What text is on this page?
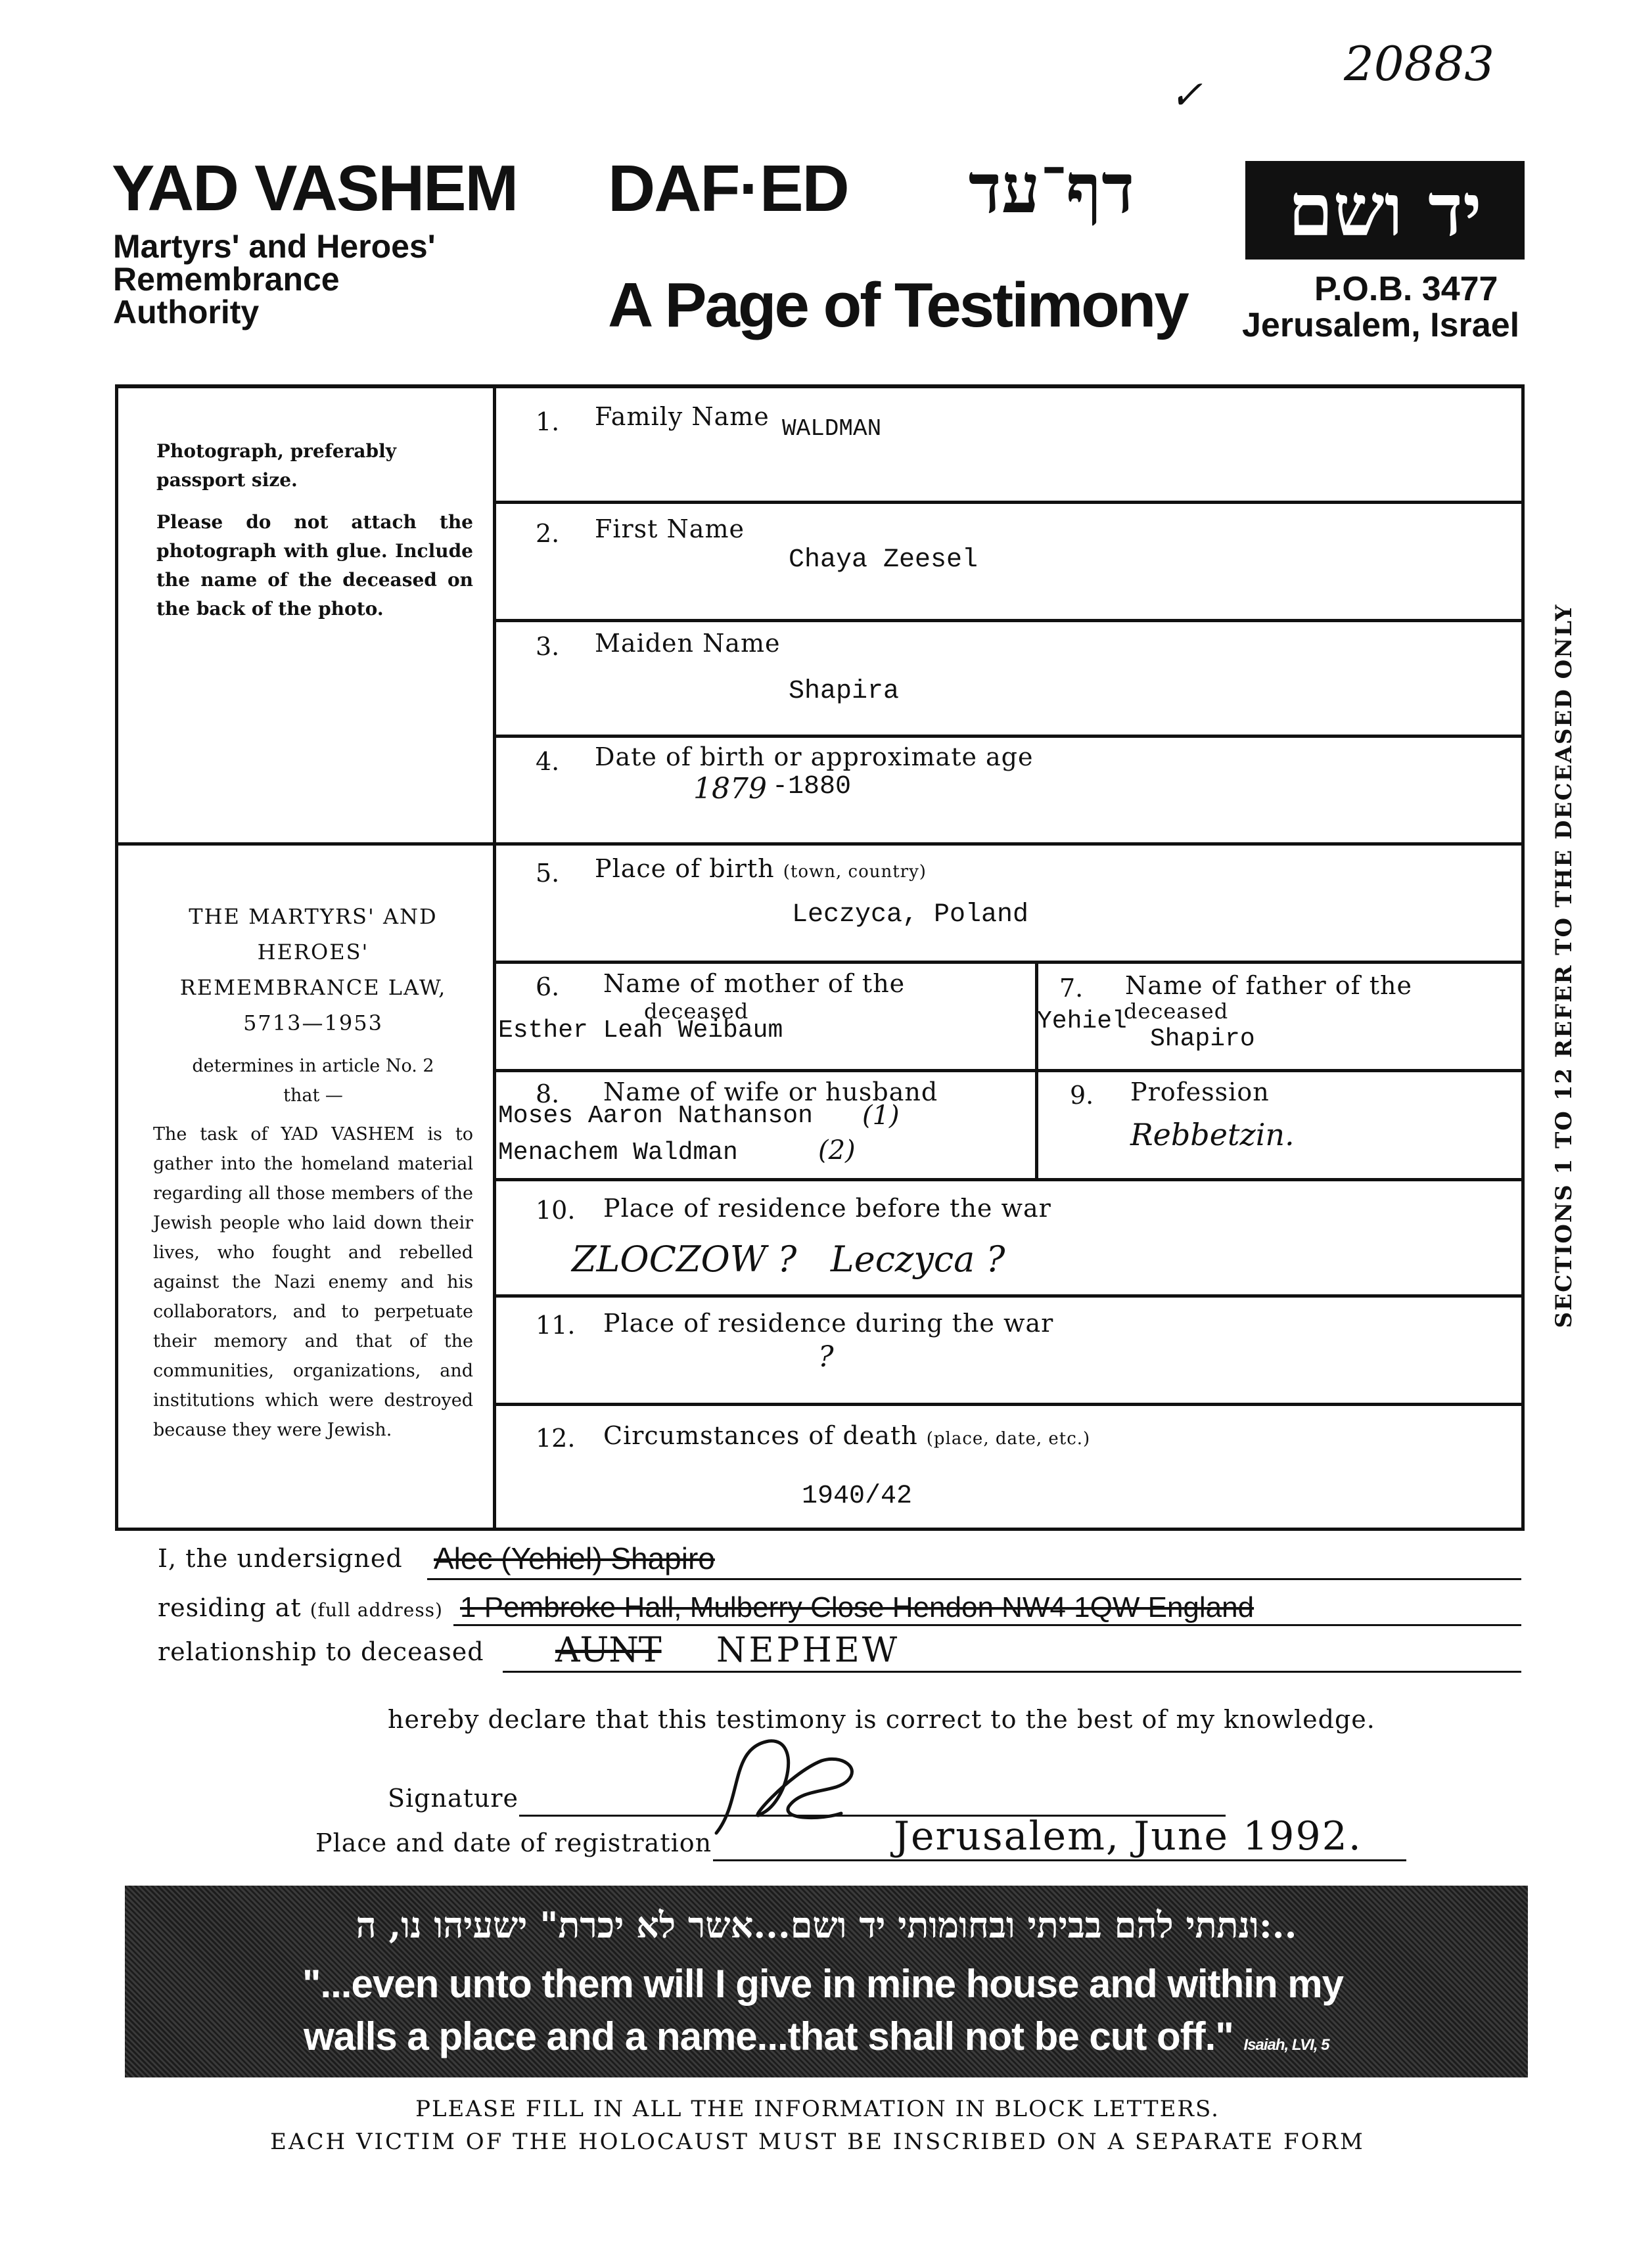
20883
✓
YAD VASHEM
Martyrs' and Heroes'
Remembrance
Authority
DAF·ED	דף־עד
A Page of Testimony
יד ושם
P.O.B. 3477
Jerusalem, Israel
Photograph, preferably passport size.
Please do not attach the photograph with glue. Include the name of the deceased on the back of the photo.
THE MARTYRS' AND HEROES' REMEMBRANCE LAW, 5713—1953
determines in article No. 2 that —
The task of YAD VASHEM is to gather into the homeland material regarding all those members of the Jewish people who laid down their lives, who fought and rebelled against the Nazi enemy and his collaborators, and to perpetuate their memory and that of the communities, organizations, and institutions which were destroyed because they were Jewish.
SECTIONS 1 TO 12 REFER TO THE DECEASED ONLY
1. Family Name WALDMAN
2. First Name
Chaya Zeesel
3. Maiden Name
Shapira
4. Date of birth or approximate age
1879 -1880
5. Place of birth (town, country)
Leczyca, Poland
6. Name of mother of the
deceased
Esther Leah Weibaum
7. Name of father of the
deceased
Yehiel
Shapiro
8. Name of wife or husband
Moses Aaron Nathanson (1)
Menachem Waldman	(2)
9. Profession
Rebbetzin.
10. Place of residence before the war
ZLOCZOW ?   Leczyca ?
11. Place of residence during the war
?
12. Circumstances of death (place, date, etc.)
1940/42
I, the undersigned Alec (Yehiel) Shapiro
residing at (full address) 1 Pembroke Hall, Mulberry Close Hendon NW4 1QW England
relationship to deceased AUNT NEPHEW
hereby declare that this testimony is correct to the best of my knowledge.
Signature
Place and date of registration	Jerusalem, June 1992.
..:ונתתי להם בביתי ובחומותי יד ושם...אשר לא יכרת" ישעיהו נו, ה
"...even unto them will I give in mine house and within my
walls a place and a name...that shall not be cut off." Isaiah, LVI, 5
PLEASE FILL IN ALL THE INFORMATION IN BLOCK LETTERS.
EACH VICTIM OF THE HOLOCAUST MUST BE INSCRIBED ON A SEPARATE FORM
